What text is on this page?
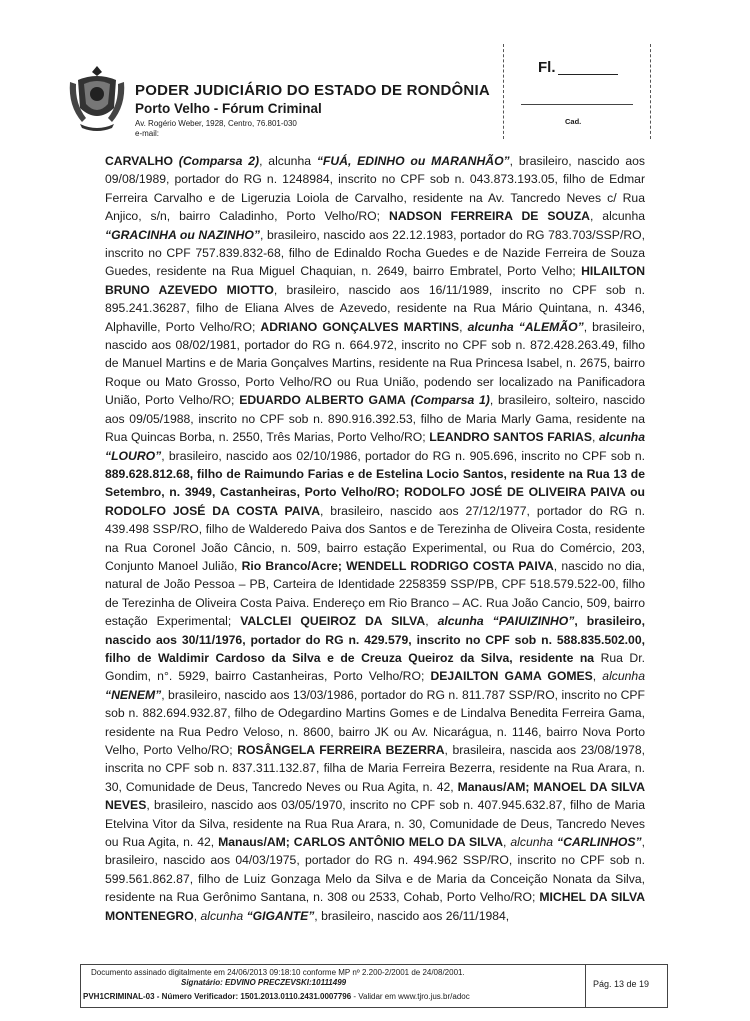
PODER JUDICIÁRIO DO ESTADO DE RONDÔNIA
Porto Velho - Fórum Criminal
Av. Rogério Weber, 1928, Centro, 76.801-030
e-mail:
Fl.
Cad.
CARVALHO (Comparsa 2), alcunha “FUÁ, EDINHO ou MARANHÃO”, brasileiro, nascido aos 09/08/1989, portador do RG n. 1248984, inscrito no CPF sob n. 043.873.193.05, filho de Edmar Ferreira Carvalho e de Ligeruzia Loiola de Carvalho, residente na Av. Tancredo Neves c/ Rua Anjico, s/n, bairro Caladinho, Porto Velho/RO; NADSON FERREIRA DE SOUZA, alcunha “GRACINHA ou NAZINHO”, brasileiro, nascido aos 22.12.1983, portador do RG 783.703/SSP/RO, inscrito no CPF 757.839.832-68, filho de Edinaldo Rocha Guedes e de Nazide Ferreira de Souza Guedes, residente na Rua Miguel Chaquian, n. 2649, bairro Embratel, Porto Velho; HILAILTON BRUNO AZEVEDO MIOTTO, brasileiro, nascido aos 16/11/1989, inscrito no CPF sob n. 895.241.36287, filho de Eliana Alves de Azevedo, residente na Rua Mário Quintana, n. 4346, Alphaville, Porto Velho/RO; ADRIANO GONÇALVES MARTINS, alcunha “ALEMÃO”, brasileiro, nascido aos 08/02/1981, portador do RG n. 664.972, inscrito no CPF sob n. 872.428.263.49, filho de Manuel Martins e de Maria Gonçalves Martins, residente na Rua Princesa Isabel, n. 2675, bairro Roque ou Mato Grosso, Porto Velho/RO ou Rua União, podendo ser localizado na Panificadora União, Porto Velho/RO; EDUARDO ALBERTO GAMA (Comparsa 1), brasileiro, solteiro, nascido aos 09/05/1988, inscrito no CPF sob n. 890.916.392.53, filho de Maria Marly Gama, residente na Rua Quincas Borba, n. 2550, Três Marias, Porto Velho/RO; LEANDRO SANTOS FARIAS, alcunha “LOURO”, brasileiro, nascido aos 02/10/1986, portador do RG n. 905.696, inscrito no CPF sob n. 889.628.812.68, filho de Raimundo Farias e de Estelina Locio Santos, residente na Rua 13 de Setembro, n. 3949, Castanheiras, Porto Velho/RO; RODOLFO JOSÉ DE OLIVEIRA PAIVA ou RODOLFO JOSÉ DA COSTA PAIVA, brasileiro, nascido aos 27/12/1977, portador do RG n. 439.498 SSP/RO, filho de Walderedo Paiva dos Santos e de Terezinha de Oliveira Costa, residente na Rua Coronel João Câncio, n. 509, bairro estação Experimental, ou Rua do Comércio, 203, Conjunto Manoel Julião, Rio Branco/Acre; WENDELL RODRIGO COSTA PAIVA, nascido no dia, natural de João Pessoa – PB, Carteira de Identidade 2258359 SSP/PB, CPF 518.579.522-00, filho de Terezinha de Oliveira Costa Paiva. Endereço em Rio Branco – AC. Rua João Cancio, 509, bairro estação Experimental; VALCLEI QUEIROZ DA SILVA, alcunha “PAIUIZINHO”, brasileiro, nascido aos 30/11/1976, portador do RG n. 429.579, inscrito no CPF sob n. 588.835.502.00, filho de Waldimir Cardoso da Silva e de Creuza Queiroz da Silva, residente na Rua Dr. Gondim, n°. 5929, bairro Castanheiras, Porto Velho/RO; DEJAILTON GAMA GOMES, alcunha “NENEM”, brasileiro, nascido aos 13/03/1986, portador do RG n. 811.787 SSP/RO, inscrito no CPF sob n. 882.694.932.87, filho de Odegardino Martins Gomes e de Lindalva Benedita Ferreira Gama, residente na Rua Pedro Veloso, n. 8600, bairro JK ou Av. Nicarágua, n. 1146, bairro Nova Porto Velho, Porto Velho/RO; ROSÂNGELA FERREIRA BEZERRA, brasileira, nascida aos 23/08/1978, inscrita no CPF sob n. 837.311.132.87, filha de Maria Ferreira Bezerra, residente na Rua Arara, n. 30, Comunidade de Deus, Tancredo Neves ou Rua Agita, n. 42, Manaus/AM; MANOEL DA SILVA NEVES, brasileiro, nascido aos 03/05/1970, inscrito no CPF sob n. 407.945.632.87, filho de Maria Etelvina Vitor da Silva, residente na Rua Rua Arara, n. 30, Comunidade de Deus, Tancredo Neves ou Rua Agita, n. 42, Manaus/AM; CARLOS ANTÔNIO MELO DA SILVA, alcunha “CARLINHOS”, brasileiro, nascido aos 04/03/1975, portador do RG n. 494.962 SSP/RO, inscrito no CPF sob n. 599.561.862.87, filho de Luiz Gonzaga Melo da Silva e de Maria da Conceição Nonata da Silva, residente na Rua Gerônimo Santana, n. 308 ou 2533, Cohab, Porto Velho/RO; MICHEL DA SILVA MONTENEGRO, alcunha “GIGANTE”, brasileiro, nascido aos 26/11/1984,
Documento assinado digitalmente em 24/06/2013 09:18:10 conforme MP nº 2.200-2/2001 de 24/08/2001.
Signatário: EDVINO PRECZEVSKI:10111499
PVH1CRIMINAL-03 - Número Verificador: 1501.2013.0110.2431.0007796 - Validar em www.tjro.jus.br/adoc
Pág. 13 de 19
